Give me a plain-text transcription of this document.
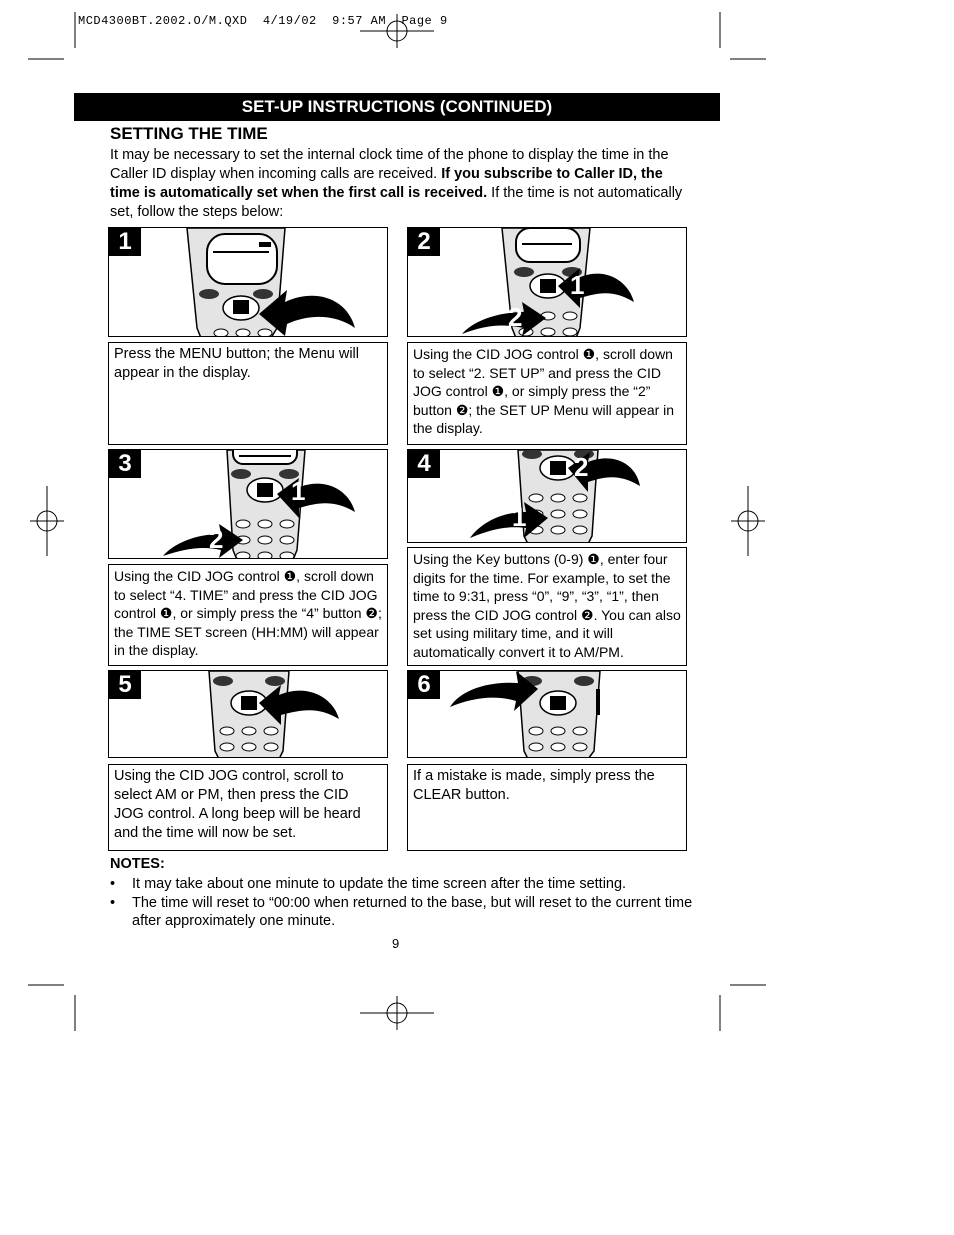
MCD4300BT.2002.O/M.QXD  4/19/02  9:57 AM  Page 9
SET-UP INSTRUCTIONS (CONTINUED)
SETTING THE TIME
It may be necessary to set the internal clock time of the phone to display the time in the Caller ID display when incoming calls are received. If you subscribe to Caller ID, the time is automatically set when the first call is received. If the time is not automatically set, follow the steps below:
1
Press the MENU button; the Menu will appear in the display.
2
1
2
Using the CID JOG control ❶, scroll down to select “2. SET UP” and press the CID JOG control ❶, or simply press the “2” button ❷; the SET UP Menu will appear in the display.
3
1
2
Using the CID JOG control ❶, scroll down to select “4. TIME” and press the CID JOG control ❶, or simply press the “4” button ❷; the TIME SET screen (HH:MM) will appear in the display.
4	2
1
Using the Key buttons (0-9) ❶, enter four digits for the time. For example, to set the time to 9:31, press “0”, “9”, “3”, “1”, then press the CID JOG control ❷. You can also set using military time, and it will automatically convert it to AM/PM.
5
Using the CID JOG control, scroll to select AM or PM, then press the CID JOG control. A long beep will be heard and the time will now be set.
6
If a mistake is made, simply press the CLEAR button.
NOTES:
• It may take about one minute to update the time screen after the time setting.
• The time will reset to “00:00 when returned to the base, but will reset to the current time after approximately one minute.
9
